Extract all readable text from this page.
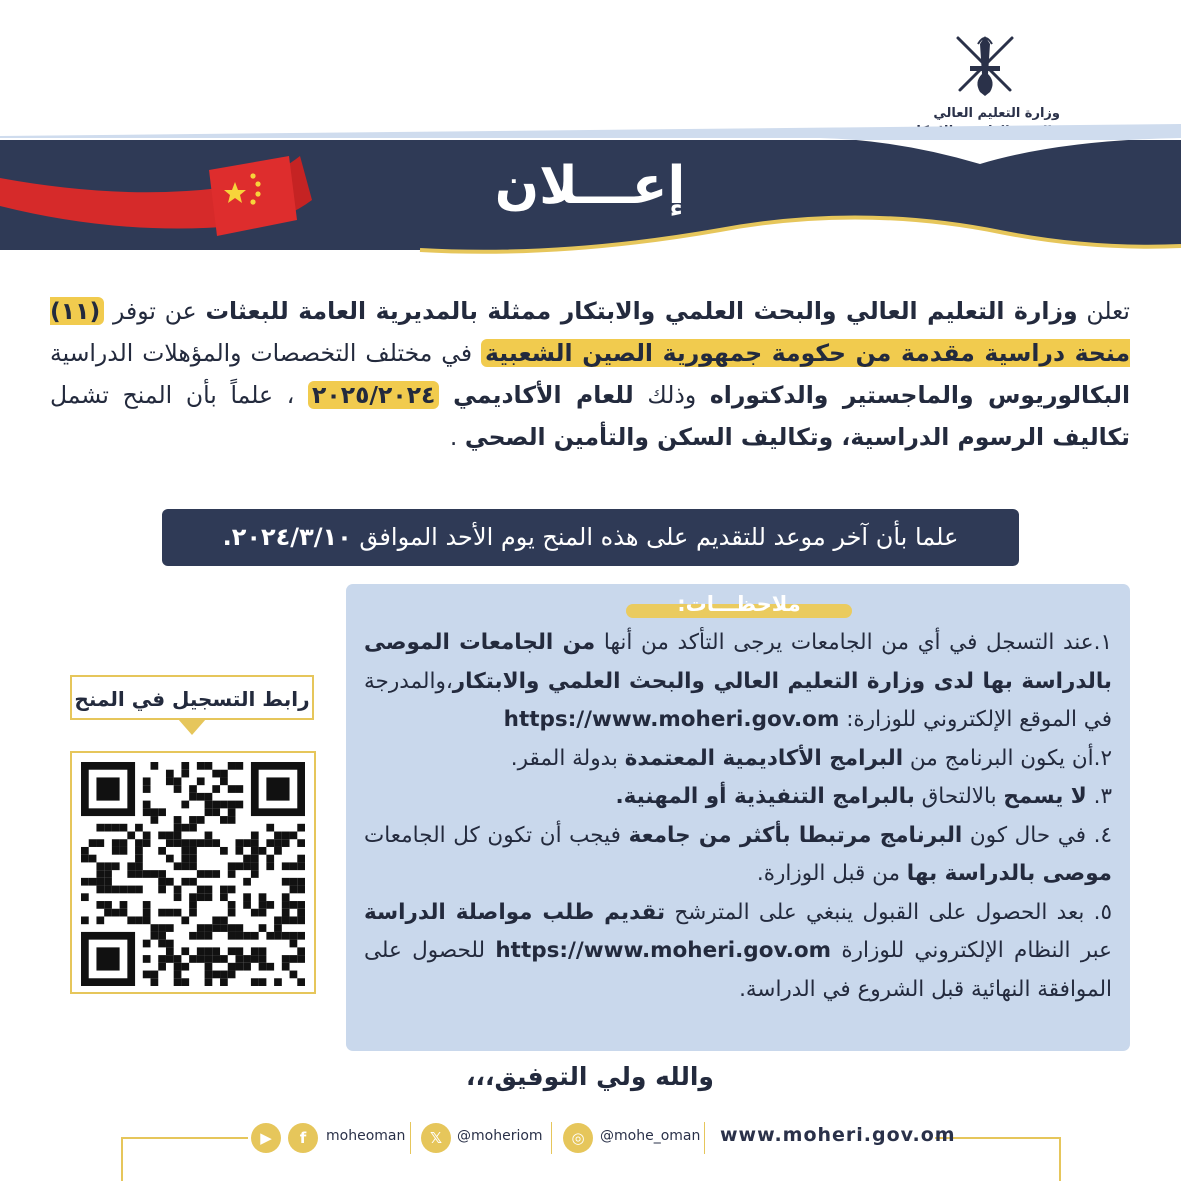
وزارة التعليم العالي
إعـــلان
تعلن وزارة التعليم العالي والبحث العلمي والابتكار ممثلة بالمديرية العامة للبعثات عن توفر (١١) منحة دراسية مقدمة من حكومة جمهورية الصين الشعبية في مختلف التخصصات والمؤهلات الدراسية البكالوريوس والماجستير والدكتوراه وذلك للعام الأكاديمي ٢٠٢٥/٢٠٢٤ ، علماً بأن المنح تشمل تكاليف الرسوم الدراسية، وتكاليف السكن والتأمين الصحي .
علما بأن آخر موعد للتقديم على هذه المنح يوم الأحد الموافق ٢٠٢٤/٣/١٠.
ملاحظـــات:

١.عند التسجل في أي من الجامعات يرجى التأكد من أنها من الجامعات الموصى بالدراسة بها لدى وزارة التعليم العالي والبحث العلمي والابتكار،والمدرجة في الموقع الإلكتروني للوزارة: https://www.moheri.gov.om

٢.أن يكون البرنامج من البرامج الأكاديمية المعتمدة بدولة المقر.

٣. لا يسمح بالالتحاق بالبرامج التنفيذية أو المهنية.

٤. في حال كون البرنامج مرتبطا بأكثر من جامعة فيجب أن تكون كل الجامعات موصى بالدراسة بها من قبل الوزارة.

٥. بعد الحصول على القبول ينبغي على المترشح تقديم طلب مواصلة الدراسة عبر النظام الإلكتروني للوزارة https://www.moheri.gov.om للحصول على الموافقة النهائية قبل الشروع في الدراسة.

رابط التسجيل في المنح
والله ولي التوفيق،،،
▶	f	moheoman	𝕏	@moheriom	◎	@mohe_oman www.moheri.gov.om
